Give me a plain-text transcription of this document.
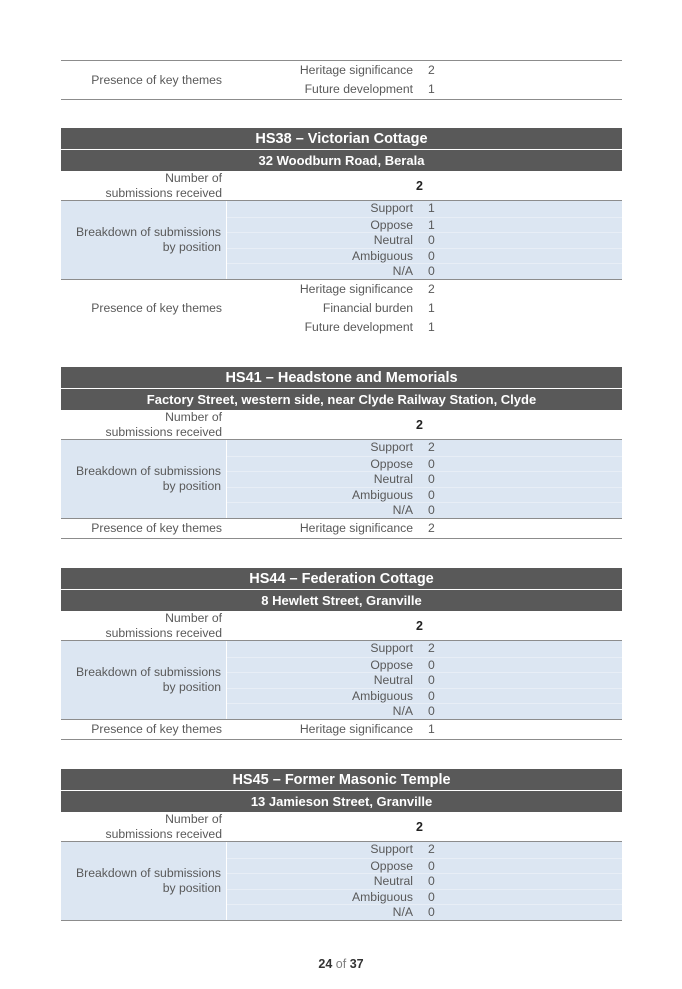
Presence of key themes
Heritage significance	2
Future development	1
HS38 – Victorian Cottage
32 Woodburn Road, Berala
Number of
submissions received	2
Breakdown of submissions
by position
Support	1
Oppose	1
Neutral	0
Ambiguous	0
N/A	0
Presence of key themes
Heritage significance	2
Financial burden	1
Future development	1
HS41 – Headstone and Memorials
Factory Street, western side, near Clyde Railway Station, Clyde
Number of
submissions received	2
Breakdown of submissions
by position
Support	2
Oppose	0
Neutral	0
Ambiguous	0
N/A	0
Presence of key themes	Heritage significance	2
HS44 – Federation Cottage
8 Hewlett Street, Granville
Number of
submissions received	2
Breakdown of submissions
by position
Support	2
Oppose	0
Neutral	0
Ambiguous	0
N/A	0
Presence of key themes	Heritage significance	1
HS45 – Former Masonic Temple
13 Jamieson Street, Granville
Number of
submissions received	2
Breakdown of submissions
by position
Support	2
Oppose	0
Neutral	0
Ambiguous	0
N/A	0
24 of 37
